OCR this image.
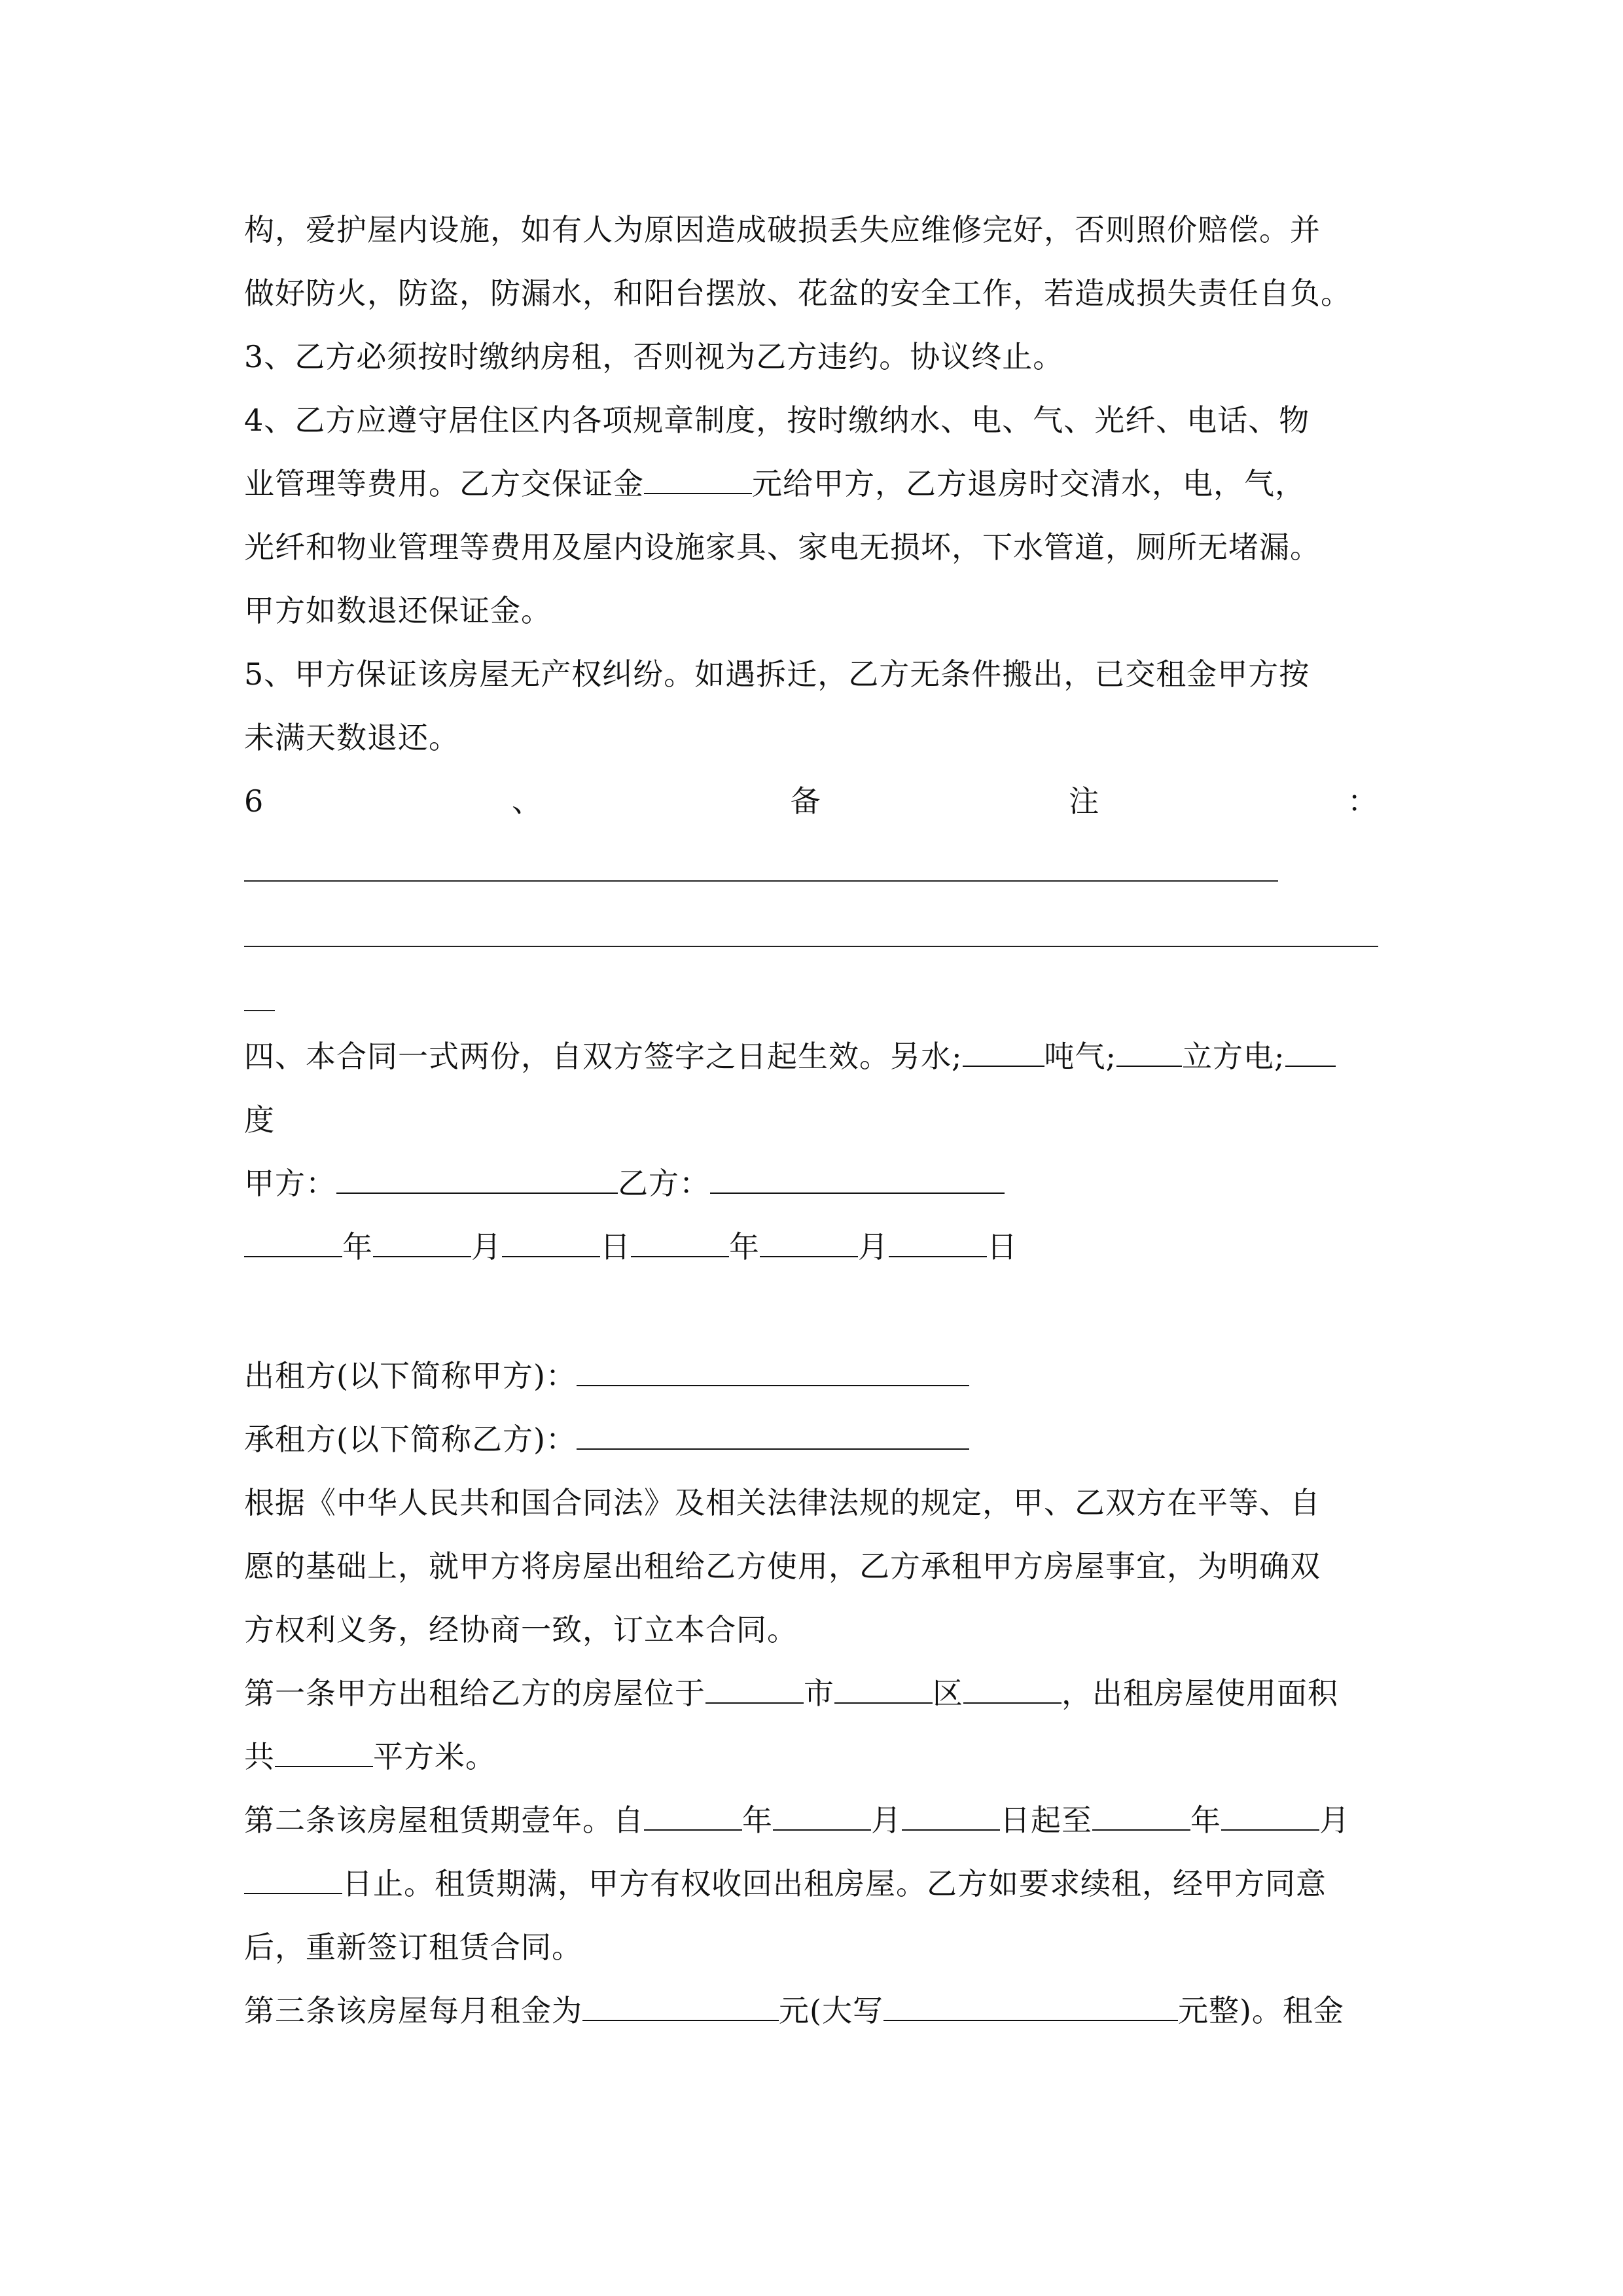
构，爱护屋内设施，如有人为原因造成破损丢失应维修完好，否则照价赔偿。并
做好防火，防盗，防漏水，和阳台摆放、花盆的安全工作，若造成损失责任自负。
3、乙方必须按时缴纳房租，否则视为乙方违约。协议终止。
4、乙方应遵守居住区内各项规章制度，按时缴纳水、电、气、光纤、电话、物
业管理等费用。乙方交保证金	元给甲方，乙方退房时交清水，电，气，
光纤和物业管理等费用及屋内设施家具、家电无损坏，下水管道，厕所无堵漏。
甲方如数退还保证金。
5、甲方保证该房屋无产权纠纷。如遇拆迁，乙方无条件搬出，已交租金甲方按
未满天数退还。
6	、	备	注	：
四、本合同一式两份，自双方签字之日起生效。另水;	吨气; 立方电;
度
甲方：	乙方：
年	月	日	年	月	日
出租方(以下简称甲方)：
承租方(以下简称乙方)：
根据《中华人民共和国合同法》及相关法律法规的规定，甲、乙双方在平等、自
愿的基础上，就甲方将房屋出租给乙方使用，乙方承租甲方房屋事宜，为明确双
方权利义务，经协商一致，订立本合同。
第一条甲方出租给乙方的房屋位于	市	区	，出租房屋使用面积
共	平方米。
第二条该房屋租赁期壹年。自	年	月	日起至	年	月
日止。租赁期满，甲方有权收回出租房屋。乙方如要求续租，经甲方同意
后，重新签订租赁合同。
第三条该房屋每月租金为	元(大写	元整)。租金
